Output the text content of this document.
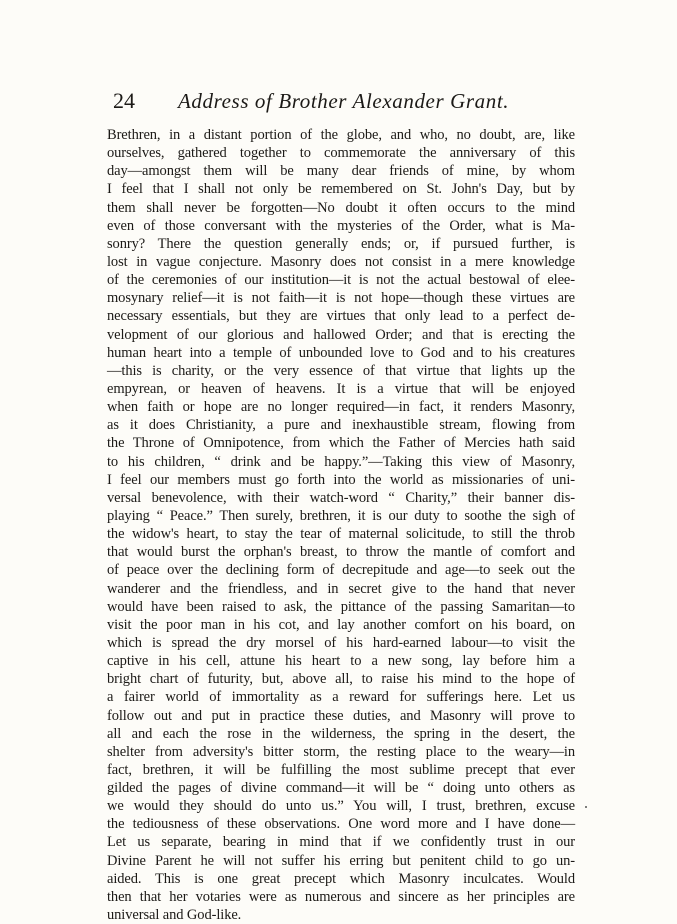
24 Address of Brother Alexander Grant.
Brethren, in a distant portion of the globe, and who, no doubt, are, like
ourselves, gathered together to commemorate the anniversary of this
day—amongst them will be many dear friends of mine, by whom
I feel that I shall not only be remembered on St. John's Day, but by
them shall never be forgotten—No doubt it often occurs to the mind
even of those conversant with the mysteries of the Order, what is Ma-
sonry? There the question generally ends; or, if pursued further, is
lost in vague conjecture. Masonry does not consist in a mere knowledge
of the ceremonies of our institution—it is not the actual bestowal of elee-
mosynary relief—it is not faith—it is not hope—though these virtues are
necessary essentials, but they are virtues that only lead to a perfect de-
velopment of our glorious and hallowed Order; and that is erecting the
human heart into a temple of unbounded love to God and to his creatures
—this is charity, or the very essence of that virtue that lights up the
empyrean, or heaven of heavens. It is a virtue that will be enjoyed
when faith or hope are no longer required—in fact, it renders Masonry,
as it does Christianity, a pure and inexhaustible stream, flowing from
the Throne of Omnipotence, from which the Father of Mercies hath said
to his children, “ drink and be happy.”—Taking this view of Masonry,
I feel our members must go forth into the world as missionaries of uni-
versal benevolence, with their watch-word “ Charity,” their banner dis-
playing “ Peace.” Then surely, brethren, it is our duty to soothe the sigh of
the widow's heart, to stay the tear of maternal solicitude, to still the throb
that would burst the orphan's breast, to throw the mantle of comfort and
of peace over the declining form of decrepitude and age—to seek out the
wanderer and the friendless, and in secret give to the hand that never
would have been raised to ask, the pittance of the passing Samaritan—to
visit the poor man in his cot, and lay another comfort on his board, on
which is spread the dry morsel of his hard-earned labour—to visit the
captive in his cell, attune his heart to a new song, lay before him a
bright chart of futurity, but, above all, to raise his mind to the hope of
a fairer world of immortality as a reward for sufferings here. Let us
follow out and put in practice these duties, and Masonry will prove to
all and each the rose in the wilderness, the spring in the desert, the
shelter from adversity's bitter storm, the resting place to the weary—in
fact, brethren, it will be fulfilling the most sublime precept that ever
gilded the pages of divine command—it will be “ doing unto others as
we would they should do unto us.” You will, I trust, brethren, excuse
the tediousness of these observations. One word more and I have done—
Let us separate, bearing in mind that if we confidently trust in our
Divine Parent he will not suffer his erring but penitent child to go un-
aided. This is one great precept which Masonry inculcates. Would
then that her votaries were as numerous and sincere as her principles are
universal and God-like.
